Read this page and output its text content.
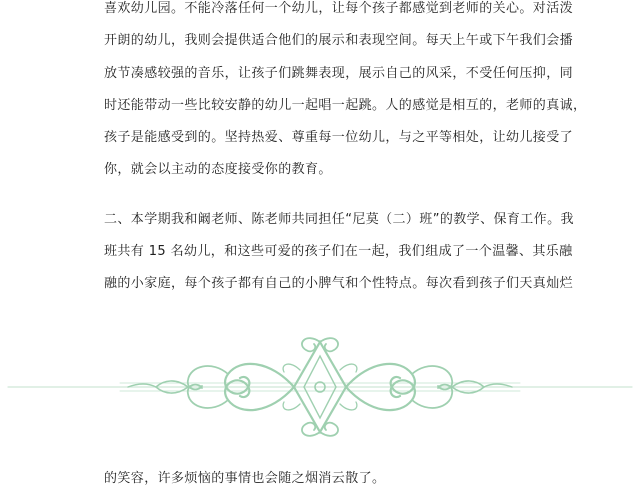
喜欢幼儿园。不能冷落任何一个幼儿，让每个孩子都感觉到老师的关心。对活泼
开朗的幼儿，我则会提供适合他们的展示和表现空间。每天上午或下午我们会播
放节凑感较强的音乐，让孩子们跳舞表现，展示自己的风采，不受任何压抑，同
时还能带动一些比较安静的幼儿一起唱一起跳。人的感觉是相互的，老师的真诚，
孩子是能感受到的。坚持热爱、尊重每一位幼儿，与之平等相处，让幼儿接受了
你，就会以主动的态度接受你的教育。
二、本学期我和阚老师、陈老师共同担任“尼莫（二）班”的教学、保育工作。我
班共有 15 名幼儿，和这些可爱的孩子们在一起，我们组成了一个温馨、其乐融
融的小家庭，每个孩子都有自己的小脾气和个性特点。每次看到孩子们天真灿烂
的笑容，许多烦恼的事情也会随之烟消云散了。
